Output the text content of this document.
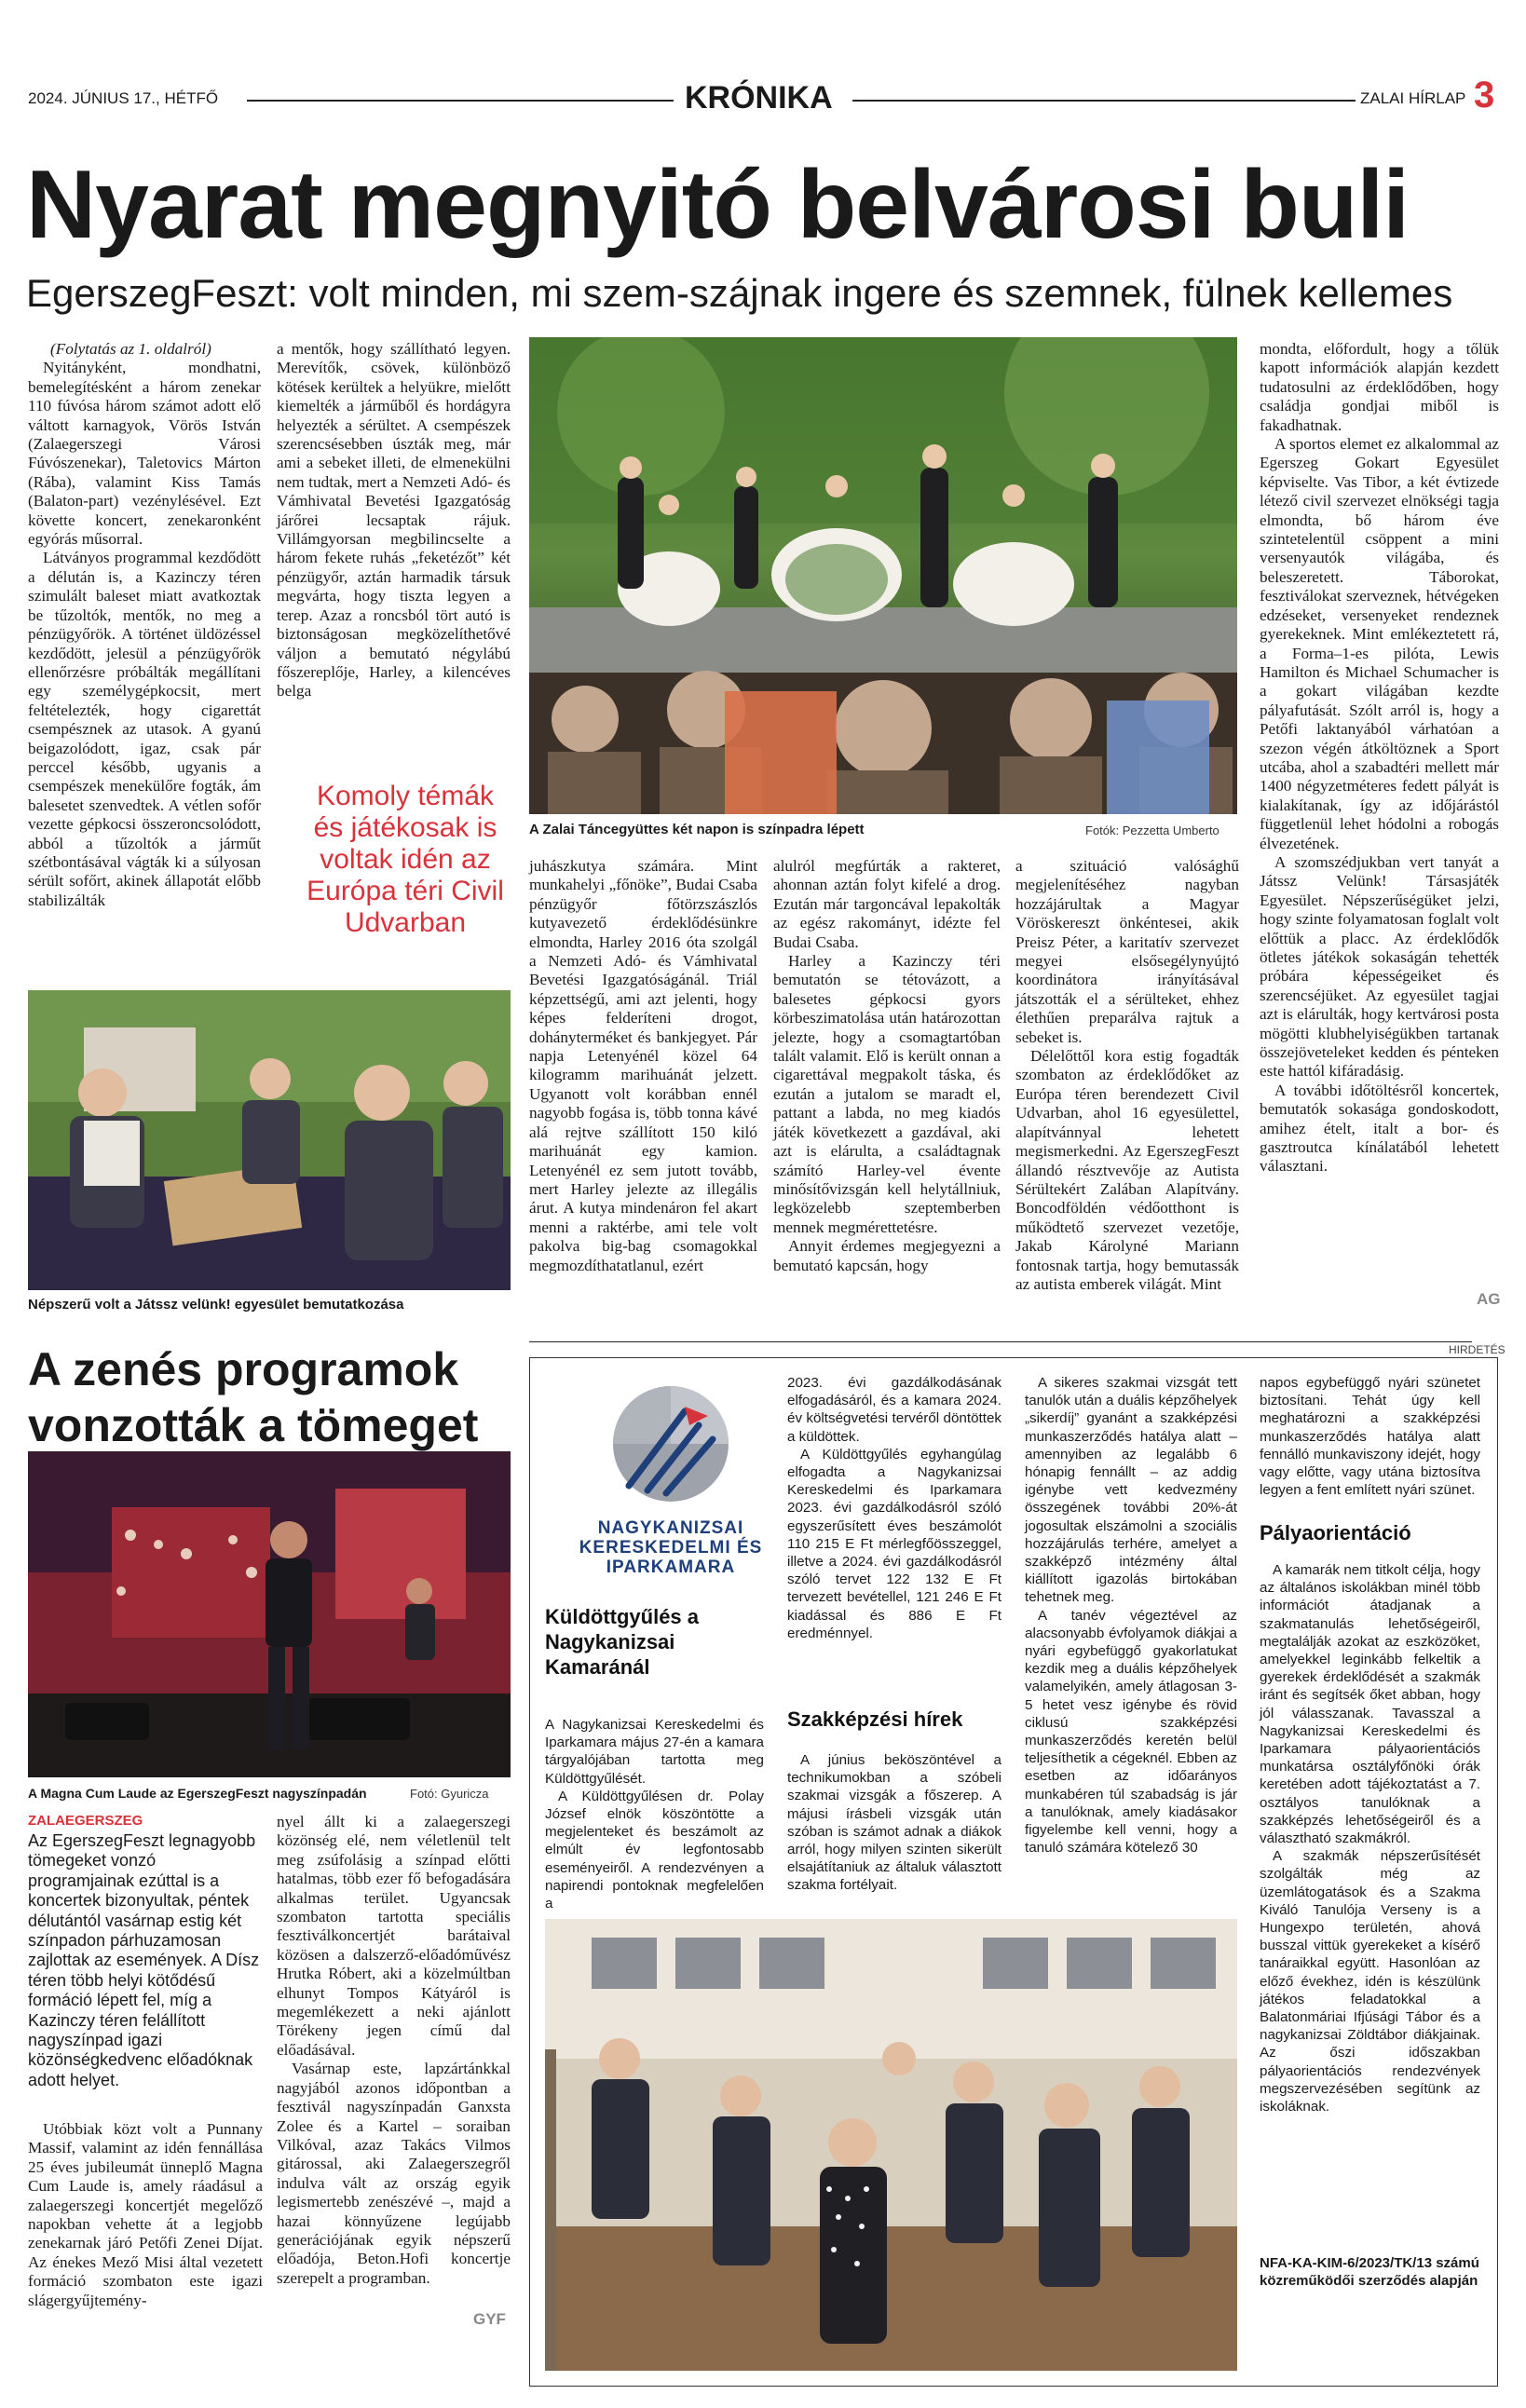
2024. JÚNIUS 17., HÉTFŐ	KRÓNIKA	ZALAI HÍRLAP 3
Nyarat megnyitó belvárosi buli
EgerszegFeszt: volt minden, mi szem-szájnak ingere és szemnek, fülnek kellemes

(Folytatás az 1. oldalról)

Nyitányként, mondhatni, bemelegítésként a három zenekar 110 fúvósa három számot adott elő váltott karnagyok, Vörös István (Zalaegerszegi Városi Fúvószenekar), Taletovics Márton (Rába), valamint Kiss Tamás (Balaton-part) vezénylésével. Ezt követte koncert, zenekaronként egyórás műsorral.

Látványos programmal kezdődött a délután is, a Kazinczy téren szimulált baleset miatt avatkoztak be tűzoltók, mentők, no meg a pénzügyőrök. A történet üldözéssel kezdődött, jelesül a pénzügyőrök ellenőrzésre próbálták megállítani egy személygépkocsit, mert feltételezték, hogy cigarettát csempésznek az utasok. A gyanú beigazolódott, igaz, csak pár perccel később, ugyanis a csempészek menekülőre fogták, ám balesetet szenvedtek. A vétlen sofőr vezette gépkocsi összeroncsolódott, abból a tűzoltók a járműt szétbontásával vágták ki a súlyosan sérült sofőrt, akinek állapotát előbb stabilizálták

a mentők, hogy szállítható legyen. Merevítők, csövek, különböző kötések kerültek a helyükre, mielőtt kiemelték a járműből és hordágyra helyezték a sérültet. A csempészek szerencsésebben úszták meg, már ami a sebeket illeti, de elmenekülni nem tudtak, mert a Nemzeti Adó- és Vámhivatal Bevetési Igazgatóság járőrei lecsaptak rájuk. Villámgyorsan megbilincselte a három fekete ruhás „feketézőt” két pénzügyőr, aztán harmadik társuk megvárta, hogy tiszta legyen a terep. Azaz a roncsból tört autó is biztonságosan megközelíthetővé váljon a bemutató négylábú főszereplője, Harley, a kilencéves belga

Komoly témák és játékosak is voltak idén az Európa téri Civil Udvarban
A Zalai Táncegyüttes két napon is színpadra lépett	Fotók: Pezzetta Umberto

juhászkutya számára. Mint munkahelyi „főnöke”, Budai Csaba pénzügyőr főtörzszászlós kutyavezető érdeklődésünkre elmondta, Harley 2016 óta szolgál a Nemzeti Adó- és Vámhivatal Bevetési Igazgatóságánál. Triál képzettségű, ami azt jelenti, hogy képes felderíteni drogot, dohányterméket és bankjegyet. Pár napja Letenyénél közel 64 kilogramm marihuánát jelzett. Ugyanott volt korábban ennél nagyobb fogása is, több tonna kávé alá rejtve szállított 150 kiló marihuánát egy kamion. Letenyénél ez sem jutott tovább, mert Harley jelezte az illegális árut. A kutya mindenáron fel akart menni a raktérbe, ami tele volt pakolva big-bag csomagokkal megmozdíthatatlanul, ezért

alulról megfúrták a rakteret, ahonnan aztán folyt kifelé a drog. Ezután már targoncával lepakolták az egész rakományt, idézte fel Budai Csaba.

Harley a Kazinczy téri bemutatón se tétovázott, a balesetes gépkocsi gyors körbeszimatolása után határozottan jelezte, hogy a csomagtartóban talált valamit. Elő is került onnan a cigarettával megpakolt táska, és ezután a jutalom se maradt el, pattant a labda, no meg kiadós játék következett a gazdával, aki azt is elárulta, a családtagnak számító Harley-vel évente minősítővizsgán kell helytállniuk, legközelebb szeptemberben mennek megmérettetésre.

Annyit érdemes megjegyezni a bemutató kapcsán, hogy

a szituáció valósághű megjelenítéséhez nagyban hozzájárultak a Magyar Vöröskereszt önkéntesei, akik Preisz Péter, a karitatív szervezet megyei elsősegélynyújtó koordinátora irányításával játszották el a sérülteket, ehhez élethűen preparálva rajtuk a sebeket is.

Délelőttől kora estig fogadták szombaton az érdeklődőket az Európa téren berendezett Civil Udvarban, ahol 16 egyesülettel, alapítvánnyal lehetett megismerkedni. Az EgerszegFeszt állandó résztvevője az Autista Sérültekért Zalában Alapítvány. Boncodföldén védőotthont is működtető szervezet vezetője, Jakab Károlyné Mariann fontosnak tartja, hogy bemutassák az autista emberek világát. Mint

mondta, előfordult, hogy a tőlük kapott információk alapján kezdett tudatosulni az érdeklődőben, hogy családja gondjai miből is fakadhatnak.

A sportos elemet ez alkalommal az Egerszeg Gokart Egyesület képviselte. Vas Tibor, a két évtizede létező civil szervezet elnökségi tagja elmondta, bő három éve szintetelentül csöppent a mini versenyautók világába, és beleszeretett. Táborokat, fesztiválokat szerveznek, hétvégeken edzéseket, versenyeket rendeznek gyerekeknek. Mint emlékeztetett rá, a Forma–1-es pilóta, Lewis Hamilton és Michael Schumacher is a gokart világában kezdte pályafutását. Szólt arról is, hogy a Petőfi laktanyából várhatóan a szezon végén átköltöznek a Sport utcába, ahol a szabadtéri mellett már 1400 négyzetméteres fedett pályát is kialakítanak, így az időjárástól függetlenül lehet hódolni a robogás élvezetének.

A szomszédjukban vert tanyát a Játssz Velünk! Társasjáték Egyesület. Népszerűségüket jelzi, hogy szinte folyamatosan foglalt volt előttük a placc. Az érdeklődők ötletes játékok sokaságán tehették próbára képességeiket és szerencséjüket. Az egyesület tagjai azt is elárulták, hogy kertvárosi posta mögötti klubhelyiségükben tartanak összejöveteleket kedden és pénteken este hattól kifáradásig.

A további időtöltésről koncertek, bemutatók sokasága gondoskodott, amihez ételt, italt a bor- és gasztroutca kínálatából lehetett választani.

AG
Népszerű volt a Játssz velünk! egyesület bemutatkozása
A zenés programok
vonzották a tömeget
A Magna Cum Laude az EgerszegFeszt nagyszínpadán	Fotó: Gyuricza
ZALAEGERSZEG
Az EgerszegFeszt legnagyobb tömegeket vonzó programjainak ezúttal is a koncertek bizonyultak, péntek délutántól vasárnap estig két színpadon párhuzamosan zajlottak az események. A Dísz téren több helyi kötődésű formáció lépett fel, míg a Kazinczy téren felállított nagyszínpad igazi közönségkedvenc előadóknak adott helyet.

Utóbbiak közt volt a Punnany Massif, valamint az idén fennállása 25 éves jubileumát ünneplő Magna Cum Laude is, amely ráadásul a zalaegerszegi koncertjét megelőző napokban vehette át a legjobb zenekarnak járó Petőfi Zenei Díjat. Az énekes Mező Misi által vezetett formáció szombaton este igazi slágergyűjtemény-

nyel állt ki a zalaegerszegi közönség elé, nem véletlenül telt meg zsúfolásig a színpad előtti hatalmas, több ezer fő befogadására alkalmas terület. Ugyancsak szombaton tartotta speciális fesztiválkoncertjét barátaival közösen a dalszerző-előadóművész Hrutka Róbert, aki a közelmúltban elhunyt Tompos Kátyáról is megemlékezett a neki ajánlott Törékeny jegen című dal előadásával.

Vasárnap este, lapzártánkkal nagyjából azonos időpontban a fesztivál nagyszínpadán Ganxsta Zolee és a Kartel – soraiban Vilkóval, azaz Takács Vilmos gitárossal, aki Zalaegerszegről indulva vált az ország egyik legismertebb zenészévé –, majd a hazai könnyűzene legújabb generációjának egyik népszerű előadója, Beton.Hofi koncertje szerepelt a programban.

GYF
HIRDETÉS
NAGYKANIZSAI
KERESKEDELMI ÉS
IPARKAMARA
Küldöttgyűlés a Nagykanizsai Kamaránál

A Nagykanizsai Kereskedelmi és Iparkamara május 27-én a kamara tárgyalójában tartotta meg Küldöttgyűlését.

A Küldöttgyűlésen dr. Polay József elnök köszöntötte a megjelenteket és beszámolt az elmúlt év legfontosabb eseményeiről. A rendezvényen a napirendi pontoknak megfelelően a

2023. évi gazdálkodásának elfogadásáról, és a kamara 2024. év költségvetési tervéről döntöttek a küldöttek.

A Küldöttgyűlés egyhangúlag elfogadta a Nagykanizsai Kereskedelmi és Iparkamara 2023. évi gazdálkodásról szóló egyszerűsített éves beszámolót 110 215 E Ft mérlegfőösszeggel, illetve a 2024. évi gazdálkodásról szóló tervet 122 132 E Ft tervezett bevétellel, 121 246 E Ft kiadással és 886 E Ft eredménnyel.

Szakképzési hírek

A június beköszöntével a technikumokban a szóbeli szakmai vizsgák a főszerep. A májusi írásbeli vizsgák után szóban is számot adnak a diákok arról, hogy milyen szinten sikerült elsajátítaniuk az általuk választott szakma fortélyait.

A sikeres szakmai vizsgát tett tanulók után a duális képzőhelyek „sikerdíj” gyanánt a szakképzési munkaszerződés hatálya alatt – amennyiben az legalább 6 hónapig fennállt – az addig igénybe vett kedvezmény összegének további 20%-át jogosultak elszámolni a szociális hozzájárulás terhére, amelyet a szakképző intézmény által kiállított igazolás birtokában tehetnek meg.

A tanév végeztével az alacsonyabb évfolyamok diákjai a nyári egybefüggő gyakorlatukat kezdik meg a duális képzőhelyek valamelyikén, amely átlagosan 3-5 hetet vesz igénybe és rövid ciklusú szakképzési munkaszerződés keretén belül teljesíthetik a cégeknél. Ebben az esetben az időarányos munkabéren túl szabadság is jár a tanulóknak, amely kiadásakor figyelembe kell venni, hogy a tanuló számára kötelező 30

napos egybefüggő nyári szünetet biztosítani. Tehát úgy kell meghatározni a szakképzési munkaszerződés hatálya alatt fennálló munkaviszony idejét, hogy vagy előtte, vagy utána biztosítva legyen a fent említett nyári szünet.

Pályaorientáció

A kamarák nem titkolt célja, hogy az általános iskolákban minél több információt átadjanak a szakmatanulás lehetőségeiről, megtalálják azokat az eszközöket, amelyekkel leginkább felkeltik a gyerekek érdeklődését a szakmák iránt és segítsék őket abban, hogy jól válasszanak. Tavasszal a Nagykanizsai Kereskedelmi és Iparkamara pályaorientációs munkatársa osztályfőnöki órák keretében adott tájékoztatást a 7. osztályos tanulóknak a szakképzés lehetőségeiről és a választható szakmákról.

A szakmák népszerűsítését szolgálták még az üzemlátogatások és a Szakma Kiváló Tanulója Verseny is a Hungexpo területén, ahová busszal vittük gyerekeket a kísérő tanáraikkal együtt. Hasonlóan az előző évekhez, idén is készülünk játékos feladatokkal a Balatonmáriai Ifjúsági Tábor és a nagykanizsai Zöldtábor diákjainak. Az őszi időszakban pályaorientációs rendezvények megszervezésében segítünk az iskoláknak.

NFA-KA-KIM-6/2023/TK/13 számú közreműködői szerződés alapján
